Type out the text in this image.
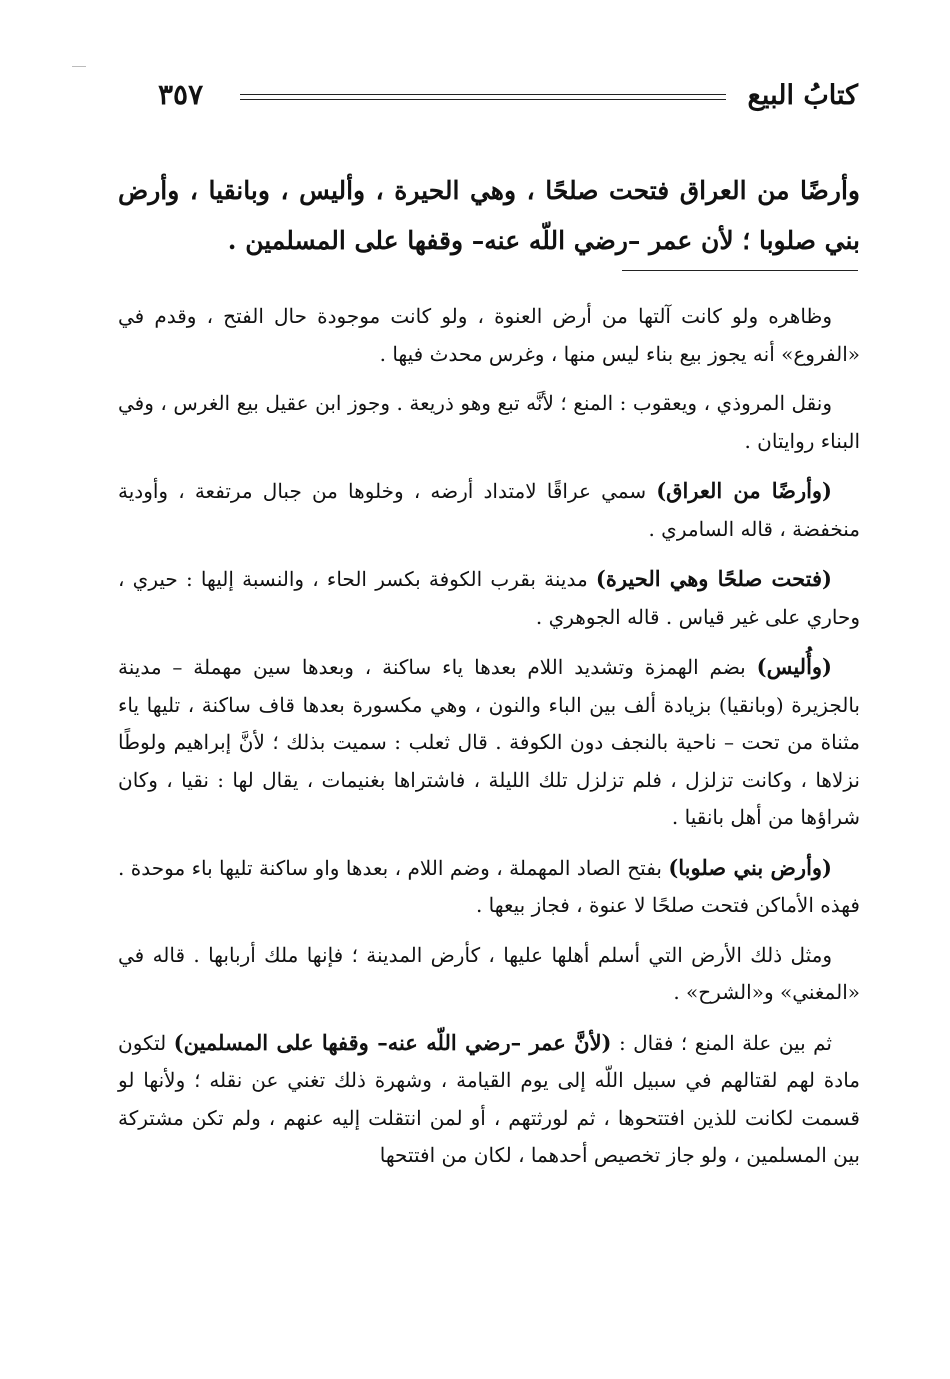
كتابُ البيع
٣٥٧
وأرضًا من العراق فتحت صلحًا ، وهي الحيرة ، وأليس ، وبانقيا ، وأرض بني صلوبا ؛ لأن عمر –رضي اللّه عنه– وقفها على المسلمين .

وظاهره ولو كانت آلتها من أرض العنوة ، ولو كانت موجودة حال الفتح ، وقدم في «الفروع» أنه يجوز بيع بناء ليس منها ، وغرس محدث فيها .

ونقل المروذي ، ويعقوب : المنع ؛ لأنَّه تبع وهو ذريعة . وجوز ابن عقيل بيع الغرس ، وفي البناء روايتان .

(وأرضًا من العراق) سمي عراقًا لامتداد أرضه ، وخلوها من جبال مرتفعة ، وأودية منخفضة ، قاله السامري .

(فتحت صلحًا وهي الحيرة) مدينة بقرب الكوفة بكسر الحاء ، والنسبة إليها : حيري ، وحاري على غير قياس . قاله الجوهري .

(وأُليس) بضم الهمزة وتشديد اللام بعدها ياء ساكنة ، وبعدها سين مهملة – مدينة بالجزيرة (وبانقيا) بزيادة ألف بين الباء والنون ، وهي مكسورة بعدها قاف ساكنة ، تليها ياء مثناة من تحت – ناحية بالنجف دون الكوفة . قال ثعلب : سميت بذلك ؛ لأنَّ إبراهيم ولوطًا نزلاها ، وكانت تزلزل ، فلم تزلزل تلك الليلة ، فاشتراها بغنيمات ، يقال لها : نقيا ، وكان شراؤها من أهل بانقيا .

(وأرض بني صلوبا) بفتح الصاد المهملة ، وضم اللام ، بعدها واو ساكنة تليها باء موحدة . فهذه الأماكن فتحت صلحًا لا عنوة ، فجاز بيعها .

ومثل ذلك الأرض التي أسلم أهلها عليها ، كأرض المدينة ؛ فإنها ملك أربابها . قاله في «المغني» و«الشرح» .

ثم بين علة المنع ؛ فقال : (لأنَّ عمر –رضي اللّه عنه– وقفها على المسلمين) لتكون مادة لهم لقتالهم في سبيل اللّه إلى يوم القيامة ، وشهرة ذلك تغني عن نقله ؛ ولأنها لو قسمت لكانت للذين افتتحوها ، ثم لورثتهم ، أو لمن انتقلت إليه عنهم ، ولم تكن مشتركة بين المسلمين ، ولو جاز تخصيص أحدهما ، لكان من افتتحها
